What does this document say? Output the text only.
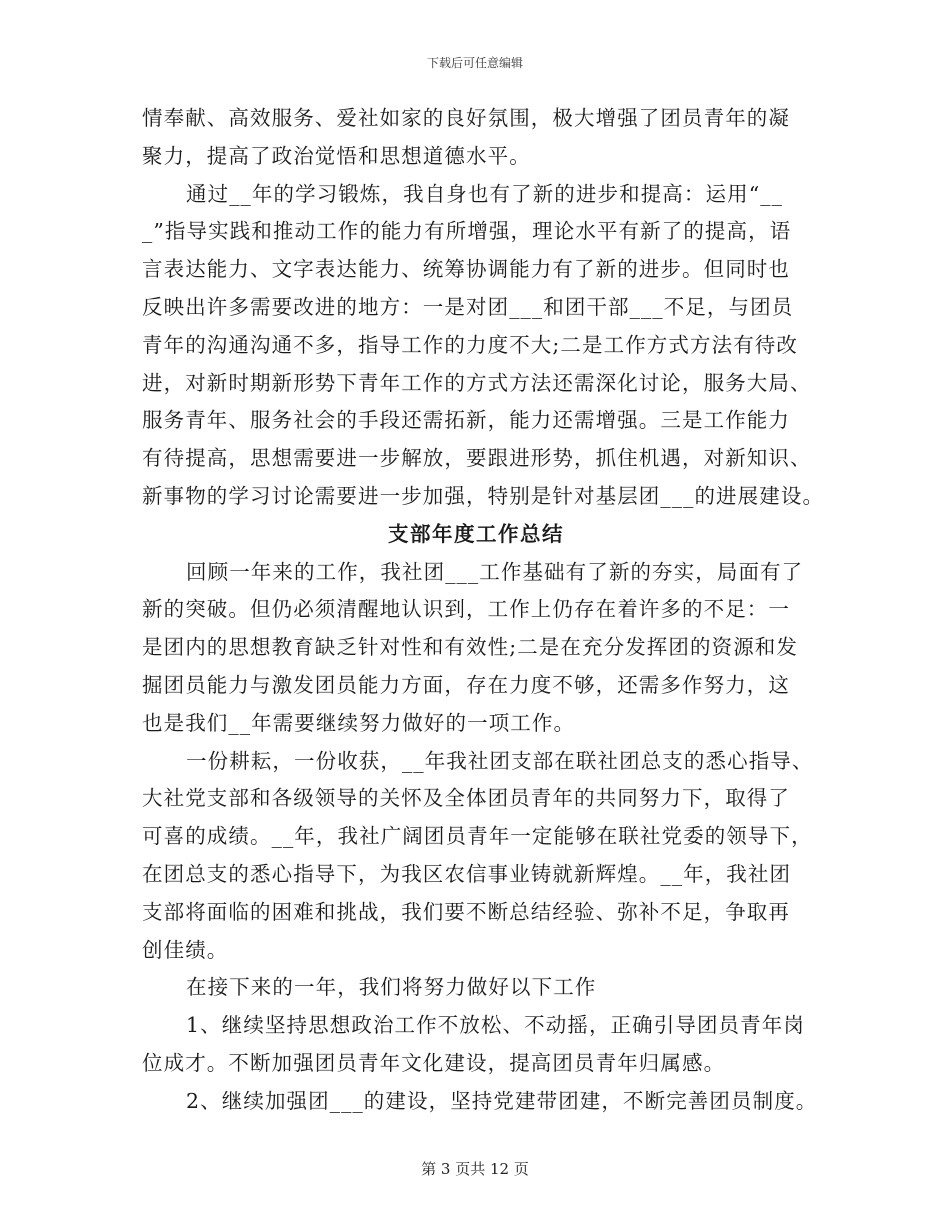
下载后可任意编辑
情奉献、高效服务、爱社如家的良好氛围，极大增强了团员青年的凝
聚力，提高了政治觉悟和思想道德水平。
通过__年的学习锻炼，我自身也有了新的进步和提高：运用“__
_”指导实践和推动工作的能力有所增强，理论水平有新了的提高，语
言表达能力、文字表达能力、统筹协调能力有了新的进步。但同时也
反映出许多需要改进的地方：一是对团___和团干部___不足，与团员
青年的沟通沟通不多，指导工作的力度不大;二是工作方式方法有待改
进，对新时期新形势下青年工作的方式方法还需深化讨论，服务大局、
服务青年、服务社会的手段还需拓新，能力还需增强。三是工作能力
有待提高，思想需要进一步解放，要跟进形势，抓住机遇，对新知识、
新事物的学习讨论需要进一步加强，特别是针对基层团___的进展建设。
支部年度工作总结
回顾一年来的工作，我社团___工作基础有了新的夯实，局面有了
新的突破。但仍必须清醒地认识到，工作上仍存在着许多的不足：一
是团内的思想教育缺乏针对性和有效性;二是在充分发挥团的资源和发
掘团员能力与激发团员能力方面，存在力度不够，还需多作努力，这
也是我们__年需要继续努力做好的一项工作。
一份耕耘，一份收获，__年我社团支部在联社团总支的悉心指导、
大社党支部和各级领导的关怀及全体团员青年的共同努力下，取得了
可喜的成绩。__年，我社广阔团员青年一定能够在联社党委的领导下，
在团总支的悉心指导下，为我区农信事业铸就新辉煌。__年，我社团
支部将面临的困难和挑战，我们要不断总结经验、弥补不足，争取再
创佳绩。
在接下来的一年，我们将努力做好以下工作
1、继续坚持思想政治工作不放松、不动摇，正确引导团员青年岗
位成才。不断加强团员青年文化建设，提高团员青年归属感。
2、继续加强团___的建设，坚持党建带团建，不断完善团员制度。
第 3 页共 12 页
